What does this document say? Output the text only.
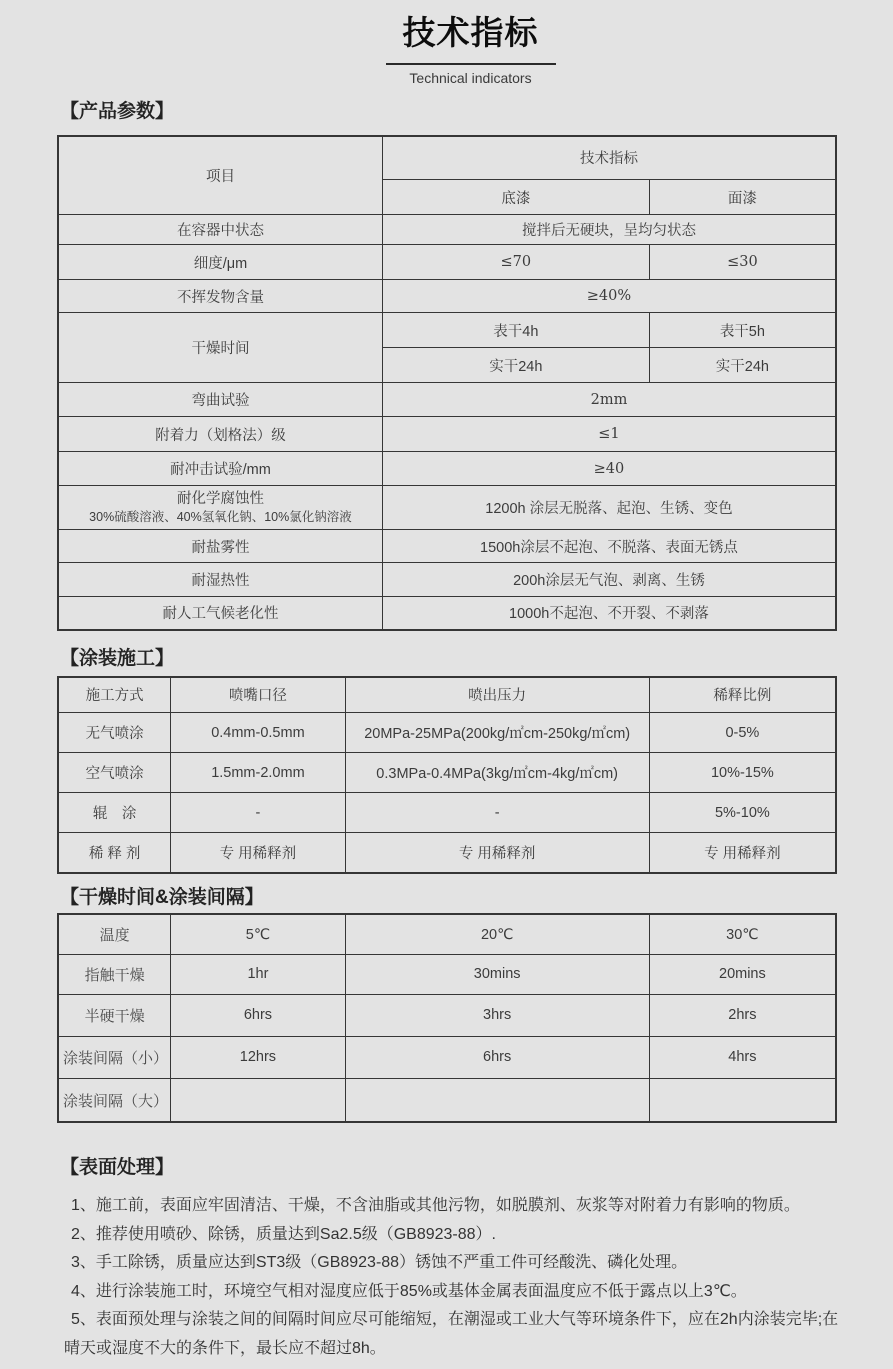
技术指标
Technical indicators
【产品参数】
项目	技术指标	
	底漆	面漆
在容器中状态	搅拌后无硬块，呈均匀状态	
细度/μm	≤70	≤30
不挥发物含量	≥40%	
干燥时间	表干4h	表干5h
	实干24h	实干24h
弯曲试验	2mm	
附着力（划格法）级	≤1	
耐冲击试验/mm	≥40	

耐化学腐蚀性
30%硫酸溶液、40%氢氧化钠、10%氯化钠溶液	1200h 涂层无脱落、起泡、生锈、变色	
耐盐雾性	1500h涂层不起泡、不脱落、表面无锈点	
耐湿热性	200h涂层无气泡、剥离、生锈	
耐人工气候老化性	1000h不起泡、不开裂、不剥落	
【涂装施工】
施工方式	喷嘴口径	喷出压力	稀释比例
无气喷涂	0.4mm-0.5mm	20MPa-25MPa(200kg/㎡cm-250kg/㎡cm)	0-5%
空气喷涂	1.5mm-2.0mm	0.3MPa-0.4MPa(3kg/㎡cm-4kg/㎡cm)	10%-15%
辊　涂	-	-	5%-10%
稀 释 剂	专 用稀释剂	专 用稀释剂	专 用稀释剂
【干燥时间&涂装间隔】
温度	5℃	20℃	30℃
指触干燥	1hr	30mins	20mins
半硬干燥	6hrs	3hrs	2hrs
涂装间隔（小）	12hrs	6hrs	4hrs
涂装间隔（大）			
【表面处理】

1、施工前，表面应牢固清洁、干燥，不含油脂或其他污物，如脱膜剂、灰浆等对附着力有影响的物质。

2、推荐使用喷砂、除锈，质量达到Sa2.5级（GB8923-88）.

3、手工除锈，质量应达到ST3级（GB8923-88）锈蚀不严重工件可经酸洗、磷化处理。

4、进行涂装施工时，环境空气相对湿度应低于85%或基体金属表面温度应不低于露点以上3℃。

5、表面预处理与涂装之间的间隔时间应尽可能缩短，在潮湿或工业大气等环境条件下，应在2h内涂装完毕;在晴天或湿度不大的条件下，最长应不超过8h。
